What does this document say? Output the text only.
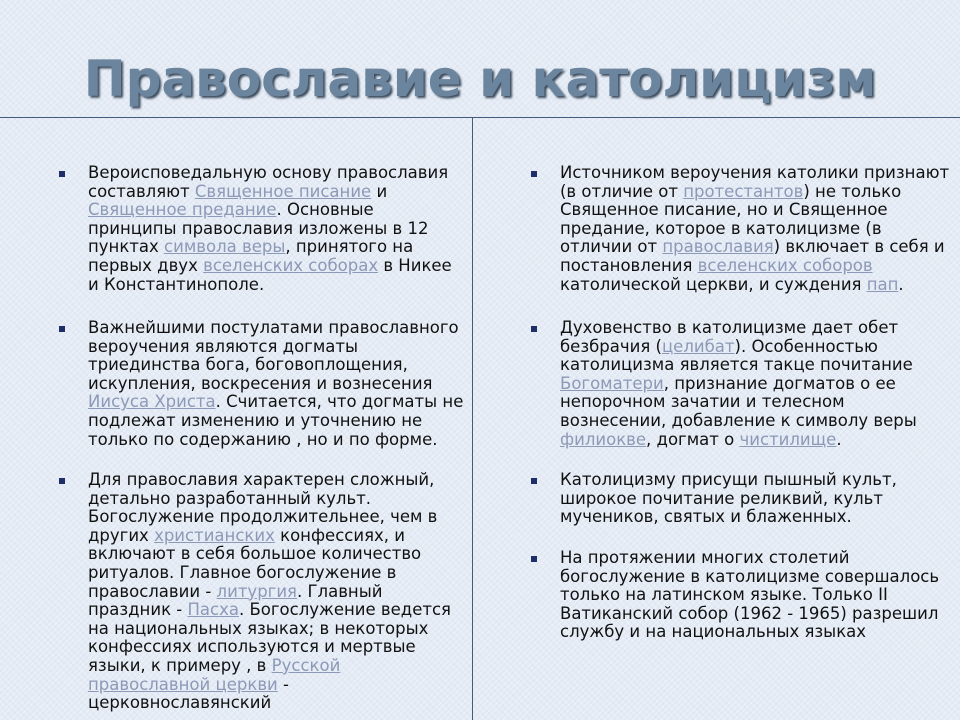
Православие и католицизм
Вероисповедальную основу православия составляют Священное писание и Священное предание. Основные принципы православия изложены в 12 пунктах символа веры, принятого на первых двух вселенских соборах в Никее и Константинополе.
Важнейшими постулатами православного вероучения являются догматы триединства бога, боговоплощения, искупления, воскресения и вознесения Иисуса Христа. Считается, что догматы не подлежат изменению и уточнению не только по содержанию , но и по форме.
Для православия характерен сложный, детально разработанный культ. Богослужение продолжительнее, чем в других христианских конфессиях, и включают в себя большое количество ритуалов. Главное богослужение в православии - литургия. Главный праздник - Пасха. Богослужение ведется на национальных языках; в некоторых конфессиях используются и мертвые языки, к примеру , в Русской православной церкви - церковнославянский
Источником вероучения католики признают (в отличие от протестантов) не только Священное писание, но и Священное предание, которое в католицизме (в отличии от православия) включает в себя и постановления вселенских соборов католической церкви, и суждения пап.
Духовенство в католицизме дает обет безбрачия (целибат). Особенностью католицизма является такце почитание Богоматери, признание догматов о ее непорочном зачатии и телесном вознесении, добавление к символу веры филиокве, догмат о чистилище.
Католицизму присущи пышный культ, широкое почитание реликвий, культ мучеников, святых и блаженных.
На протяжении многих столетий богослужение в католицизме совершалось только на латинском языке. Только II Ватиканский собор (1962 - 1965) разрешил службу и на национальных языках
